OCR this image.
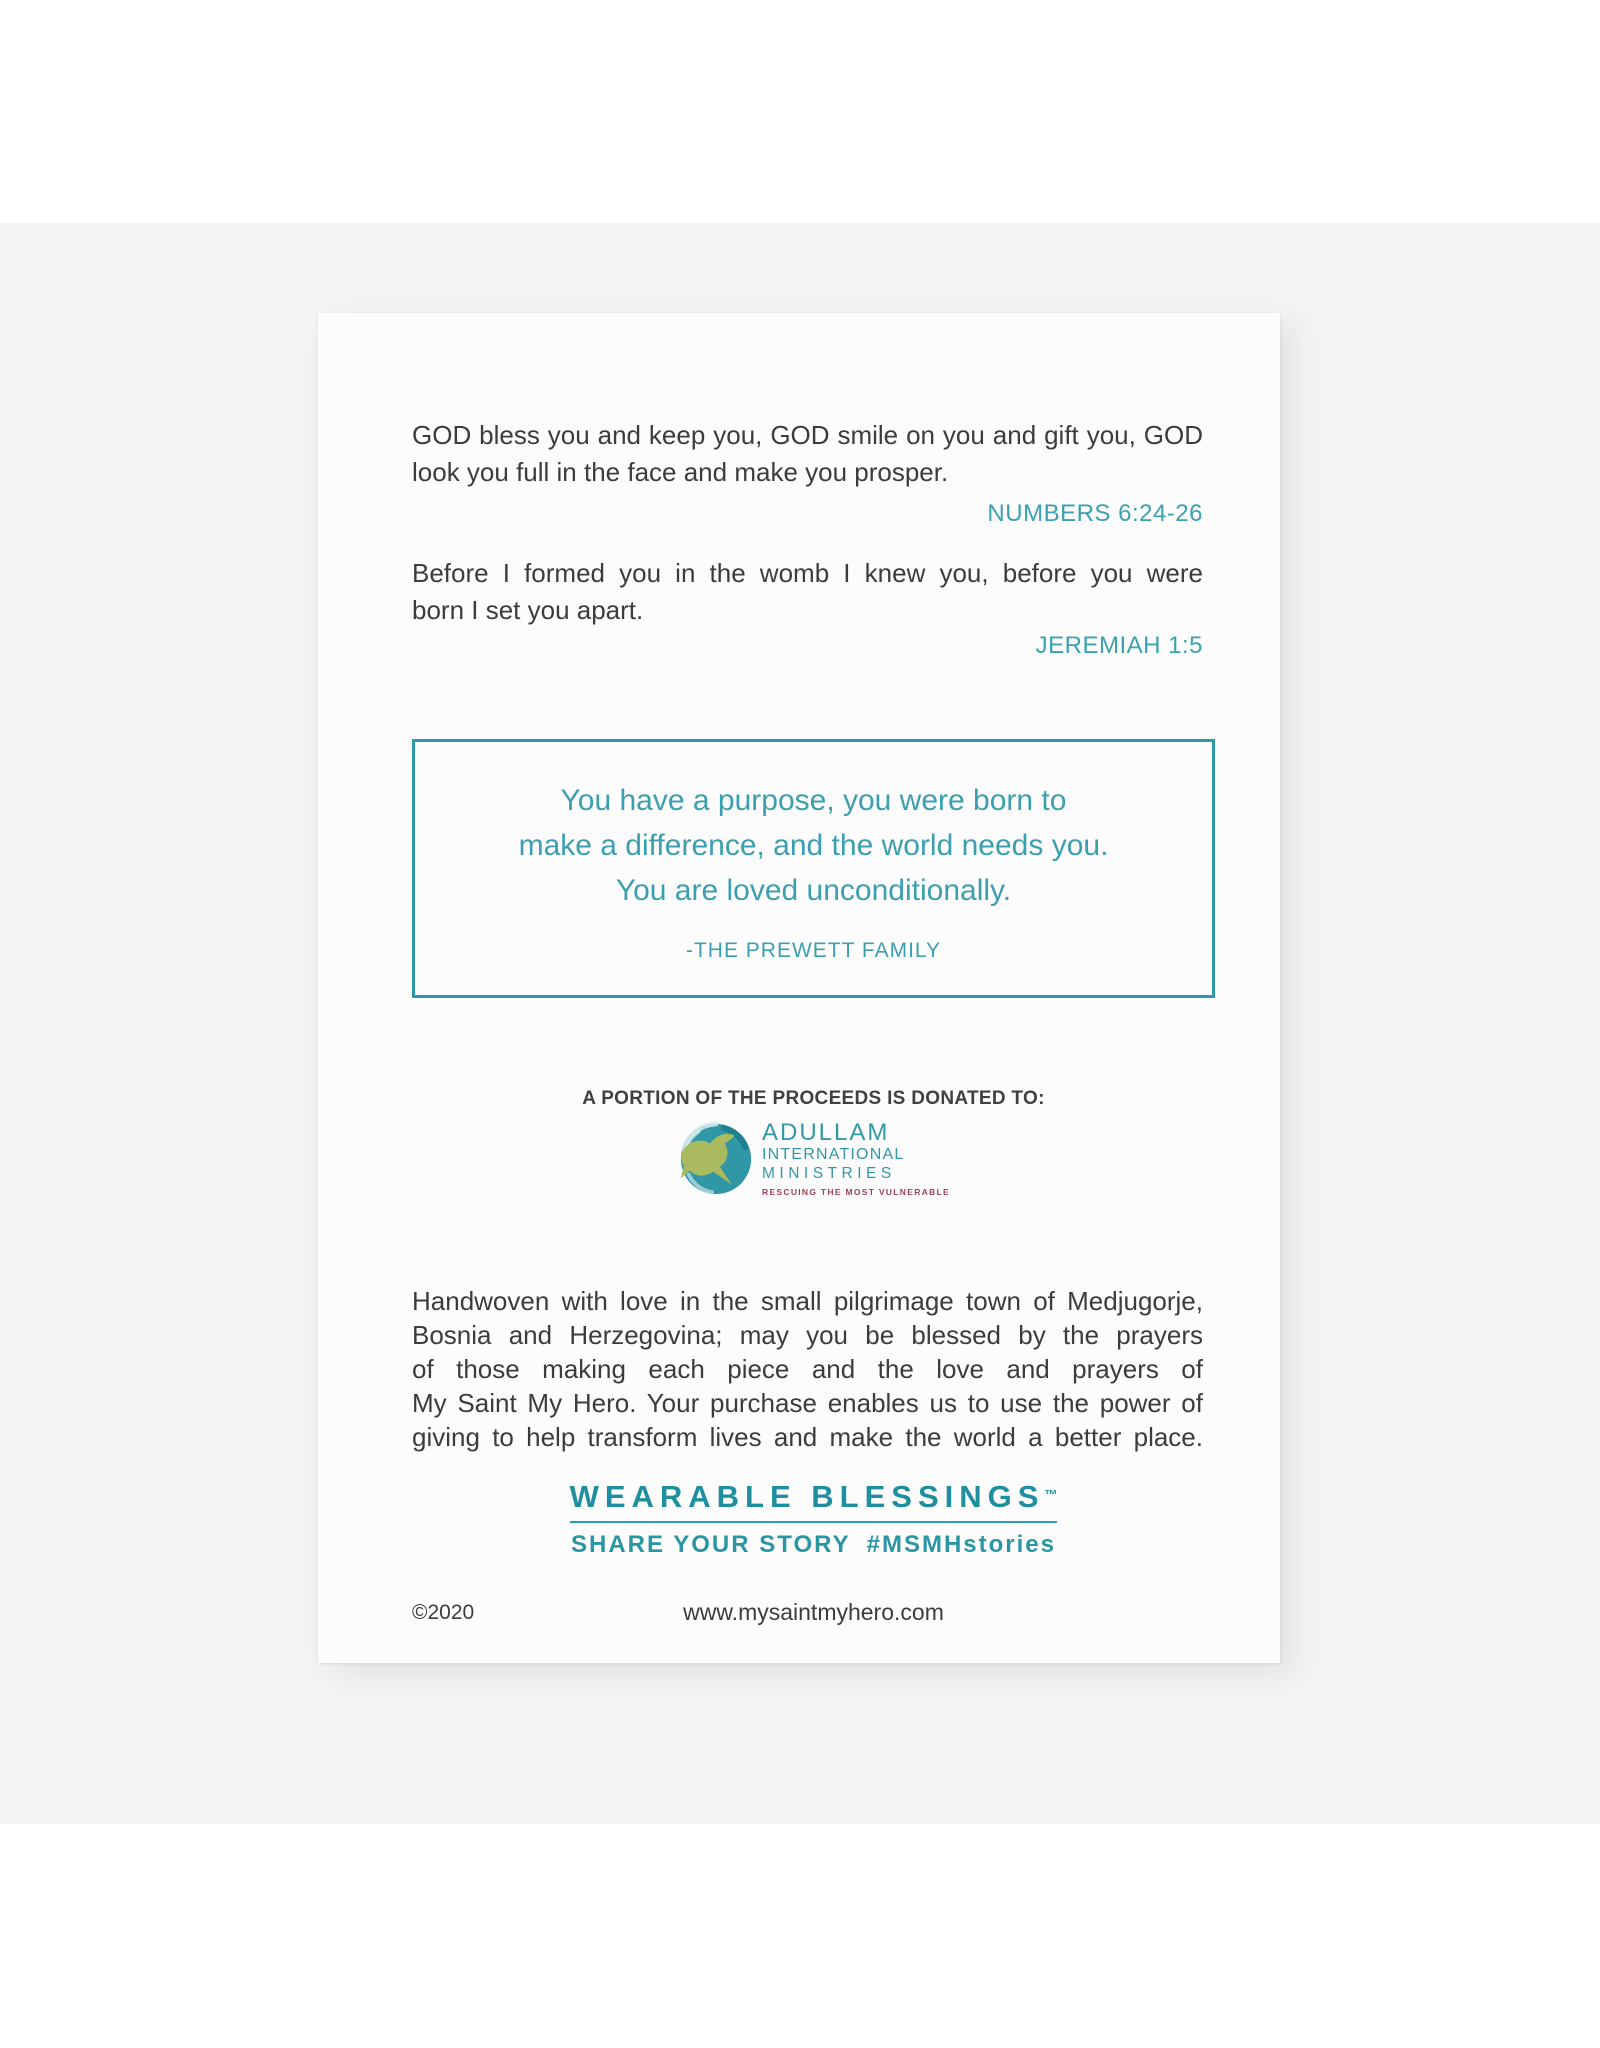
GOD bless you and keep you, GOD smile on you and gift you, GOD
look you full in the face and make you prosper.
NUMBERS 6:24-26
Before I formed you in the womb I knew you, before you were
born I set you apart.
JEREMIAH 1:5
You have a purpose, you were born to
make a difference, and the world needs you.
You are loved unconditionally.
-THE PREWETT FAMILY
A PORTION OF THE PROCEEDS IS DONATED TO:
ADULLAM
INTERNATIONAL
MINISTRIES
RESCUING THE MOST VULNERABLE
Handwoven with love in the small pilgrimage town of Medjugorje,
Bosnia and Herzegovina; may you be blessed by the prayers
of those making each piece and the love and prayers of
My Saint My Hero. Your purchase enables us to use the power of
giving to help transform lives and make the world a better place.
WEARABLE BLESSINGS™
SHARE YOUR STORY #MSMHstories
©2020	www.mysaintmyhero.com
